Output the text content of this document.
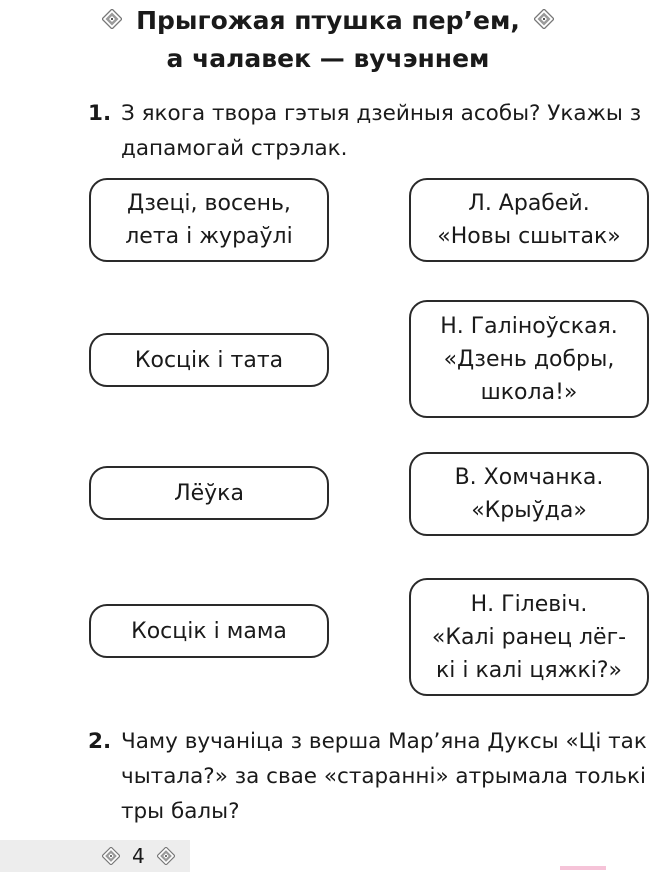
Прыгожая птушка пер’ем,
а чалавек — вучэннем
1. З якога твора гэтыя дзейныя асобы? Укажы з дапамогай стрэлак.
Дзеці, восень,
лета і жураўлі
Косцік і тата
Лёўка
Косцік і мама
Л. Арабей.
«Новы сшытак»
Н. Галіноўская.
«Дзень добры,
школа!»
В. Хомчанка.
«Крыўда»
Н. Гілевіч.
«Калі ранец лёг-
кі і калі цяжкі?»
2. Чаму вучаніца з верша Мар’яна Дуксы «Ці так чытала?» за свае «старанні» атрымала толькі тры балы?
4
